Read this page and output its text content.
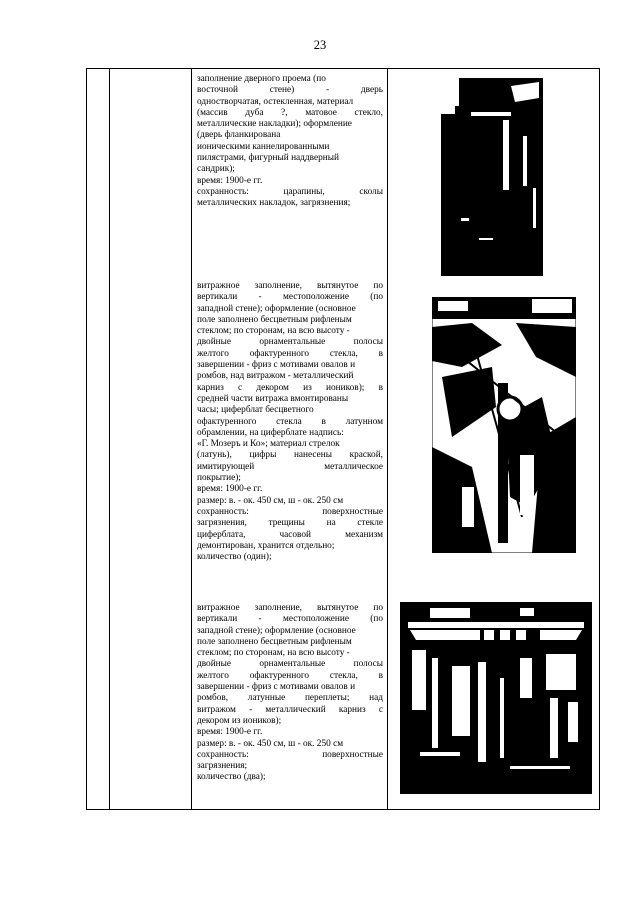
23

заполнение дверного проема (по

восточной стене) - дверь

одностворчатая, остекленная, материал

(массив дуба ?, матовое стекло,

металлические накладки); оформление

(дверь фланкирована

ионическими каннелированными

пилястрами, фигурный наддверный

сандрик);

время: 1900-е гг.

сохранность: царапины, сколы

металлических накладок, загрязнения;

витражное заполнение, вытянутое по

вертикали - местоположение (по

западной стене); оформление (основное

поле заполнено бесцветным рифленым

стеклом; по сторонам, на всю высоту -

двойные орнаментальные полосы

желтого офактуренного стекла, в

завершении - фриз с мотивами овалов и

ромбов, над витражом - металлический

карниз с декором из иоников); в

средней части витража вмонтированы

часы; циферблат бесцветного

офактуренного стекла в латунном

обрамлении, на циферблате надпись:

«Г. Мозеръ и Ко»; материал стрелок

(латунь), цифры нанесены краской,

имитирующей металлическое

покрытие);

время: 1900-е гг.

размер: в. - ок. 450 см, ш - ок. 250 см

сохранность: поверхностные

загрязнения, трещины на стекле

циферблата, часовой механизм

демонтирован, хранится отдельно;

количество (один);

витражное заполнение, вытянутое по

вертикали - местоположение (по

западной стене); оформление (основное

поле заполнено бесцветным рифленым

стеклом; по сторонам, на всю высоту -

двойные орнаментальные полосы

желтого офактуренного стекла, в

завершении - фриз с мотивами овалов и

ромбов, латунные переплеты; над

витражом - металлический карниз с

декором из иоников);

время: 1900-е гг.

размер: в. - ок. 450 см, ш - ок. 250 см

сохранность: поверхностные

загрязнения;

количество (два);
